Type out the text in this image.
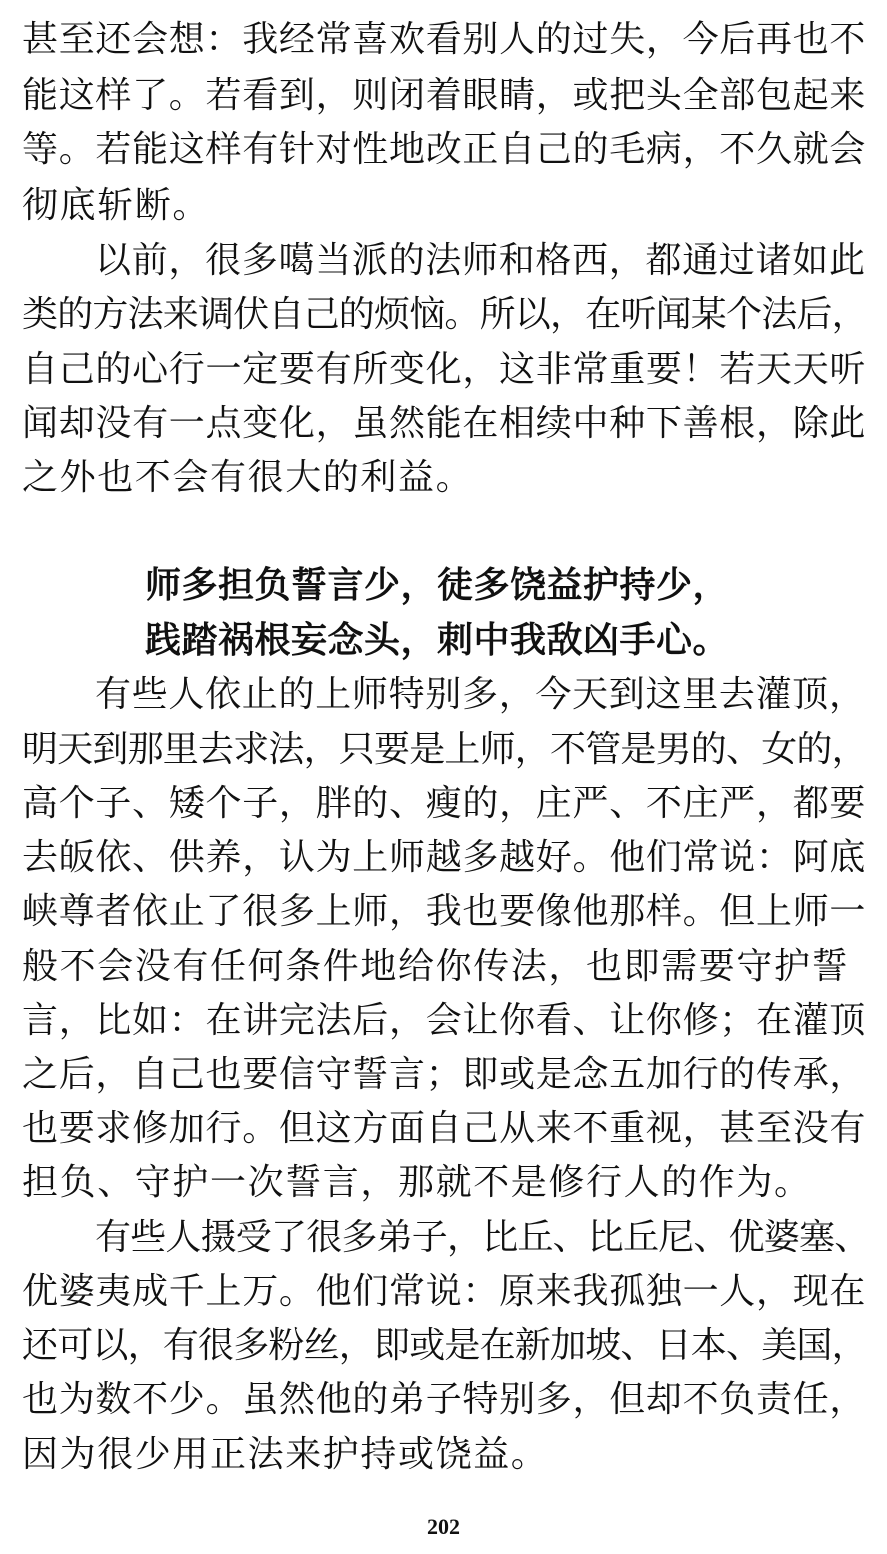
甚至还会想：我经常喜欢看别人的过失，今后再也不
能这样了。若看到，则闭着眼睛，或把头全部包起来
等。若能这样有针对性地改正自己的毛病，不久就会
彻底斩断。
以前，很多噶当派的法师和格西，都通过诸如此
类的方法来调伏自己的烦恼。所以，在听闻某个法后，
自己的心行一定要有所变化，这非常重要！若天天听
闻却没有一点变化，虽然能在相续中种下善根，除此
之外也不会有很大的利益。
师多担负誓言少，徒多饶益护持少，
践踏祸根妄念头，刺中我敌凶手心。
有些人依止的上师特别多，今天到这里去灌顶，
明天到那里去求法，只要是上师，不管是男的、女的，
高个子、矮个子，胖的、瘦的，庄严、不庄严，都要
去皈依、供养，认为上师越多越好。他们常说：阿底
峡尊者依止了很多上师，我也要像他那样。但上师一
般不会没有任何条件地给你传法，也即需要守护誓
言，比如：在讲完法后，会让你看、让你修；在灌顶
之后，自己也要信守誓言；即或是念五加行的传承，
也要求修加行。但这方面自己从来不重视，甚至没有
担负、守护一次誓言，那就不是修行人的作为。
有些人摄受了很多弟子，比丘、比丘尼、优婆塞、
优婆夷成千上万。他们常说：原来我孤独一人，现在
还可以，有很多粉丝，即或是在新加坡、日本、美国，
也为数不少。虽然他的弟子特别多，但却不负责任，
因为很少用正法来护持或饶益。
202
